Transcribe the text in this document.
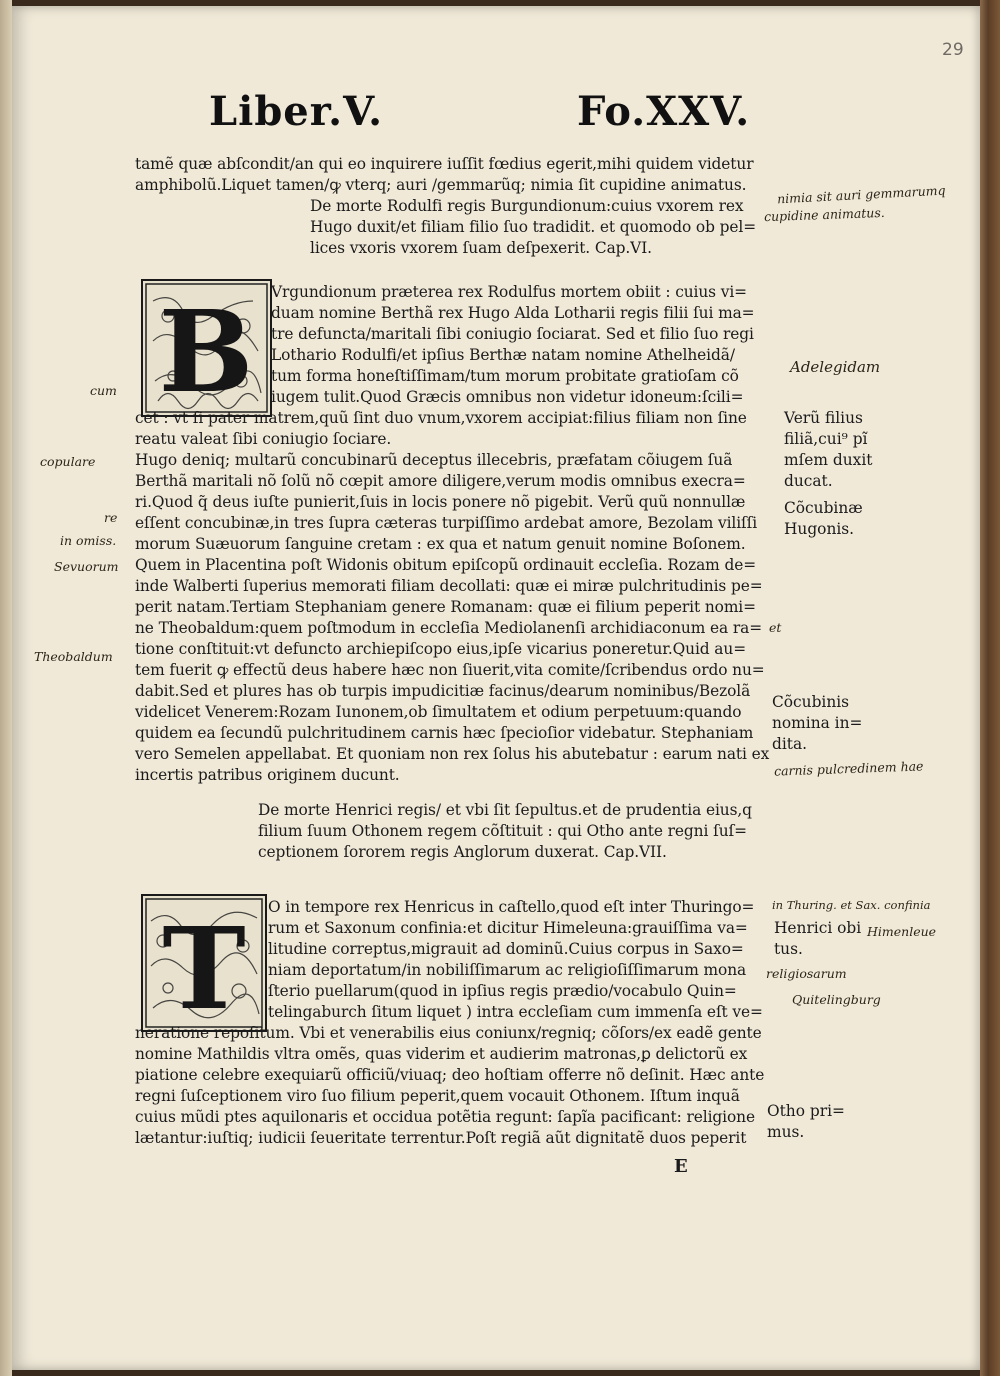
29
Liber.V.	Fo.XXV.
tamẽ quæ abſcondit/an qui eo inquirere iuſſit fœdius egerit,mihi quidem videtur
amphibolũ.Liquet tamen/ꝙ vterq; auri /gemmarũq; nimia ſit cupidine animatus.
De morte Rodulfi regis Burgundionum:cuius vxorem rex
Hugo duxit/et filiam filio ſuo tradidit. et quomodo ob pel=
lices vxoris vxorem ſuam deſpexerit. Cap.VI.
B Vrgundionum præterea rex Rodulfus mortem obiit : cuius vi=
duam nomine Berthã rex Hugo Alda Lotharii regis filii ſui ma=
tre defuncta/maritali ſibi coniugio ſociarat. Sed et filio ſuo regi
Lothario Rodulfi/et ipſius Berthæ natam nomine Athelheidã/
tum forma honeſtiſſimam/tum morum probitate gratioſam cõ
iugem tulit.Quod Græcis omnibus non videtur idoneum:ſcili=
cet : vt ſi pater matrem,quũ ſint duo vnum,vxorem accipiat:filius filiam non ſine
reatu valeat ſibi coniugio ſociare.
Hugo deniq; multarũ concubinarũ deceptus illecebris, præfatam cõiugem ſuã
Berthã maritali nõ ſolũ nõ cœpit amore diligere,verum modis omnibus execra=
ri.Quod q̃ deus iuſte punierit,ſuis in locis ponere nõ pigebit. Verũ quũ nonnullæ
eſſent concubinæ,in tres ſupra cæteras turpiſſimo ardebat amore, Bezolam viliſſi
morum Suæuorum ſanguine cretam : ex qua et natum genuit nomine Boſonem.
Quem in Placentina poſt Widonis obitum epiſcopũ ordinauit eccleſia. Rozam de=
inde Walberti ſuperius memorati filiam decollati: quæ ei miræ pulchritudinis pe=
perit natam.Tertiam Stephaniam genere Romanam: quæ ei filium peperit nomi=
ne Theobaldum:quem poſtmodum in eccleſia Mediolanenſi archidiaconum ea ra=
tione conſtituit:vt defuncto archiepiſcopo eius,ipſe vicarius poneretur.Quid au=
tem fuerit ꝙ effectũ deus habere hæc non ſiuerit,vita comite/ſcribendus ordo nu=
dabit.Sed et plures has ob turpis impudicitiæ facinus/dearum nominibus/Bezolã
videlicet Venerem:Rozam Iunonem,ob ſimultatem et odium perpetuum:quando
quidem ea ſecundũ pulchritudinem carnis hæc ſpecioſior videbatur. Stephaniam
vero Semelen appellabat. Et quoniam non rex ſolus his abutebatur : earum nati ex
incertis patribus originem ducunt.
De morte Henrici regis/ et vbi ſit ſepultus.et de prudentia eius,q
filium ſuum Othonem regem cõſtituit : qui Otho ante regni ſuſ=
ceptionem ſororem regis Anglorum duxerat. Cap.VII.
T O in tempore rex Henricus in caſtello,quod eſt inter Thuringo=
rum et Saxonum confinia:et dicitur Himeleuna:grauiſſima va=
litudine correptus,migrauit ad dominũ.Cuius corpus in Saxo=
niam deportatum/in nobiliſſimarum ac religioſiſſimarum mona
ſterio puellarum(quod in ipſius regis prædio/vocabulo Quin=
telingaburch ſitum liquet ) intra eccleſiam cum immenſa eſt ve=
neratione repoſitum. Vbi et venerabilis eius coniunx/regniq; cõſors/ex eadẽ gente
nomine Mathildis vltra omẽs, quas viderim et audierim matronas,ꝑ delictorũ ex
piatione celebre exequiarũ officiũ/viuaq; deo hoſtiam offerre nõ deſinit. Hæc ante
regni ſuſceptionem viro ſuo filium peperit,quem vocauit Othonem. Iſtum inquã
cuius mũdi ptes aquilonaris et occidua potẽtia regunt: ſapĩa pacificant: religione
lætantur:iuſtiq; iudicii ſeueritate terrentur.Poſt regiã aũt dignitatẽ duos peperit
E
Verũ filius
filiã,cui⁹ pĩ
mſem duxit
ducat.
Cõcubinæ
Hugonis.
Cõcubinis
nomina in=
dita.
Henrici obi
tus.
Otho pri=
mus.
nimia sit auri gemmarumq
cupidine animatus.
Adelegidam
et
carnis pulcredinem hae
in Thuring. et Sax. confinia
Himenleue
religiosarum
Quitelingburg
cum
copulare
re
in omiss.
Sevuorum
Theobaldum
